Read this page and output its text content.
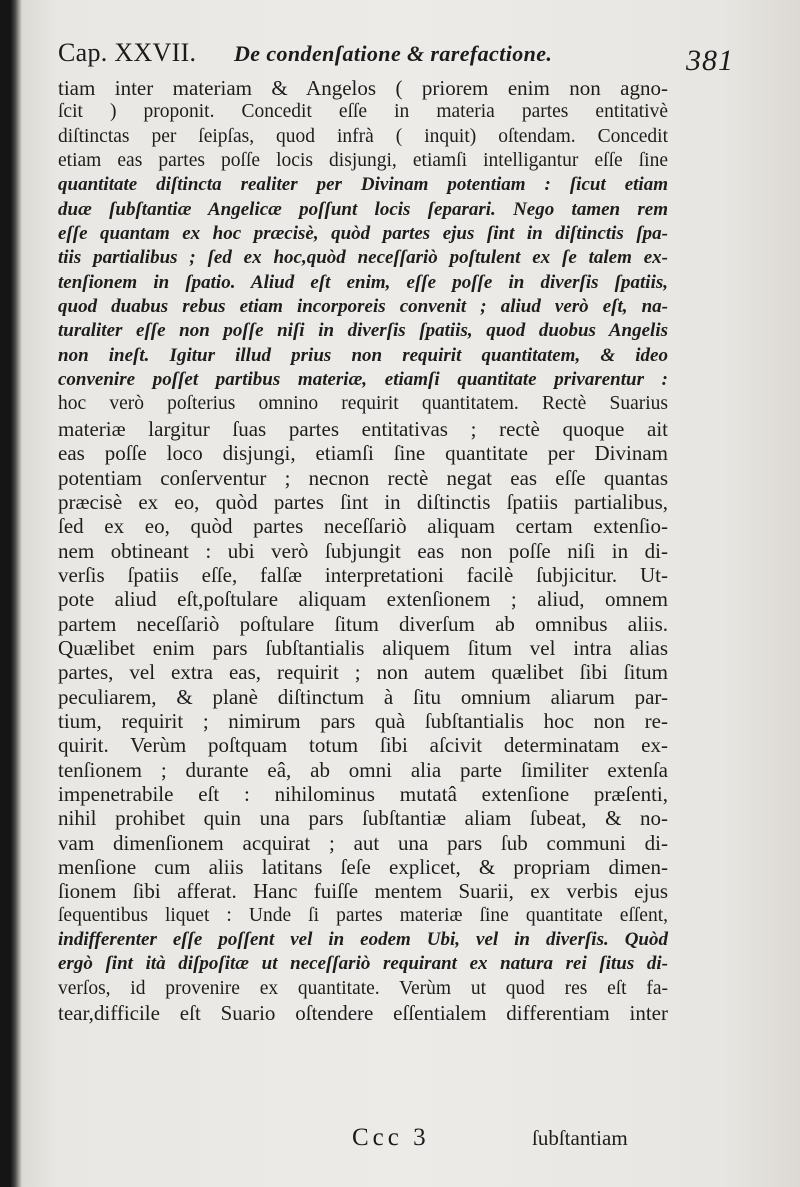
Cap. XXVII. De condenſatione & rarefactione.	381
tiam inter materiam & Angelos ( priorem enim non agno-
ſcit ) proponit. Concedit eſſe in materia partes entitativè
diſtinctas per ſeipſas, quod infrà ( inquit) oſtendam. Concedit
etiam eas partes poſſe locis disjungi, etiamſi intelligantur eſſe ſine
quantitate diſtincta realiter per Divinam potentiam : ſicut etiam
duæ ſubſtantiæ Angelicæ poſſunt locis ſeparari. Nego tamen rem
eſſe quantam ex hoc præcisè, quòd partes ejus ſint in diſtinctis ſpa-
tiis partialibus ; ſed ex hoc,quòd neceſſariò poſtulent ex ſe talem ex-
tenſionem in ſpatio. Aliud eſt enim, eſſe poſſe in diverſis ſpatiis,
quod duabus rebus etiam incorporeis convenit ; aliud verò eſt, na-
turaliter eſſe non poſſe niſi in diverſis ſpatiis, quod duobus Angelis
non ineſt. Igitur illud prius non requirit quantitatem, & ideo
convenire poſſet partibus materiæ, etiamſi quantitate privarentur :
hoc verò poſterius omnino requirit quantitatem. Rectè Suarius
materiæ largitur ſuas partes entitativas ; rectè quoque ait
eas poſſe loco disjungi, etiamſi ſine quantitate per Divinam
potentiam conſerventur ; necnon rectè negat eas eſſe quantas
præcisè ex eo, quòd partes ſint in diſtinctis ſpatiis partialibus,
ſed ex eo, quòd partes neceſſariò aliquam certam extenſio-
nem obtineant : ubi verò ſubjungit eas non poſſe niſi in di-
verſis ſpatiis eſſe, falſæ interpretationi facilè ſubjicitur. Ut-
pote aliud eſt,poſtulare aliquam extenſionem ; aliud, omnem
partem neceſſariò poſtulare ſitum diverſum ab omnibus aliis.
Quælibet enim pars ſubſtantialis aliquem ſitum vel intra alias
partes, vel extra eas, requirit ; non autem quælibet ſibi ſitum
peculiarem, & planè diſtinctum à ſitu omnium aliarum par-
tium, requirit ; nimirum pars quà ſubſtantialis hoc non re-
quirit. Verùm poſtquam totum ſibi aſcivit determinatam ex-
tenſionem ; durante eâ, ab omni alia parte ſimiliter extenſa
impenetrabile eſt : nihilominus mutatâ extenſione præſenti,
nihil prohibet quin una pars ſubſtantiæ aliam ſubeat, & no-
vam dimenſionem acquirat ; aut una pars ſub communi di-
menſione cum aliis latitans ſeſe explicet, & propriam dimen-
ſionem ſibi afferat. Hanc fuiſſe mentem Suarii, ex verbis ejus
ſequentibus liquet : Unde ſi partes materiæ ſine quantitate eſſent,
indifferenter eſſe poſſent vel in eodem Ubi, vel in diverſis. Quòd
ergò ſint ità diſpoſitæ ut neceſſariò requirant ex natura rei ſitus di-
verſos, id provenire ex quantitate. Verùm ut quod res eſt fa-
tear,difficile eſt Suario oſtendere eſſentialem differentiam inter
Ccc 3	ſubſtantiam
